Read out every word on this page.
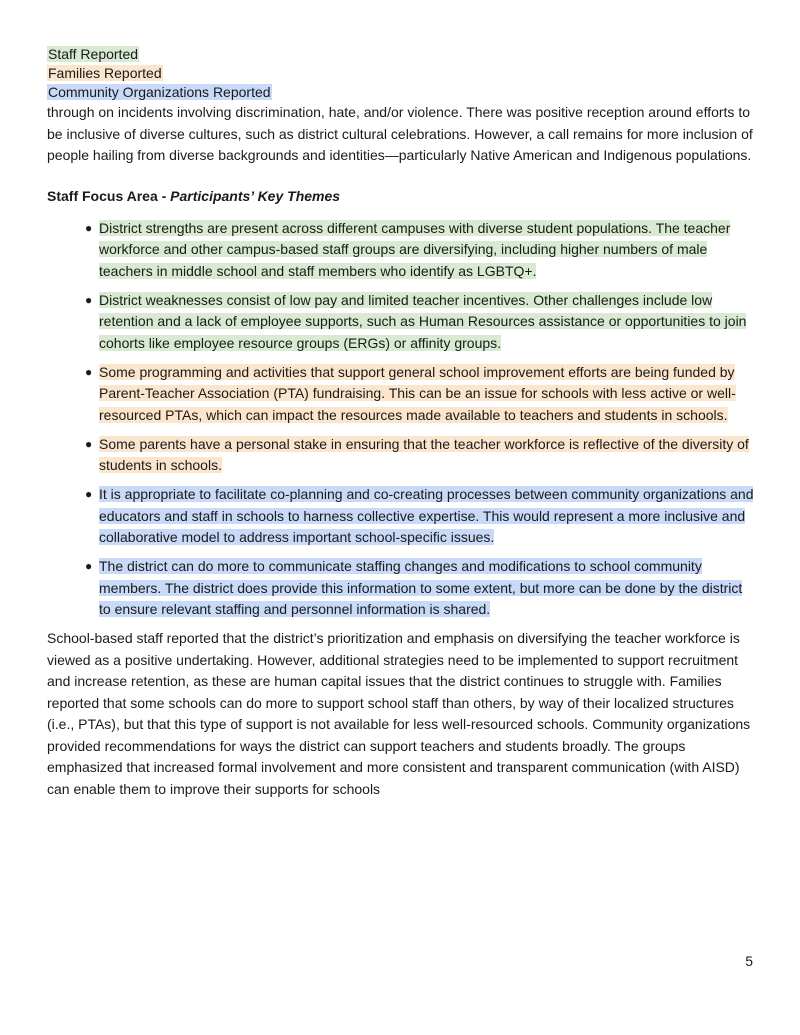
Staff Reported
Families Reported
Community Organizations Reported

through on incidents involving discrimination, hate, and/or violence. There was positive reception around efforts to be inclusive of diverse cultures, such as district cultural celebrations. However, a call remains for more inclusion of people hailing from diverse backgrounds and identities—particularly Native American and Indigenous populations.

Staff Focus Area - Participants’ Key Themes
● District strengths are present across different campuses with diverse student populations. The teacher workforce and other campus-based staff groups are diversifying, including higher numbers of male teachers in middle school and staff members who identify as LGBTQ+.
● District weaknesses consist of low pay and limited teacher incentives. Other challenges include low retention and a lack of employee supports, such as Human Resources assistance or opportunities to join cohorts like employee resource groups (ERGs) or affinity groups.
● Some programming and activities that support general school improvement efforts are being funded by Parent-Teacher Association (PTA) fundraising. This can be an issue for schools with less active or well-resourced PTAs, which can impact the resources made available to teachers and students in schools.
● Some parents have a personal stake in ensuring that the teacher workforce is reflective of the diversity of students in schools.
● It is appropriate to facilitate co-planning and co-creating processes between community organizations and educators and staff in schools to harness collective expertise. This would represent a more inclusive and collaborative model to address important school-specific issues.
● The district can do more to communicate staffing changes and modifications to school community members. The district does provide this information to some extent, but more can be done by the district to ensure relevant staffing and personnel information is shared.

School-based staff reported that the district’s prioritization and emphasis on diversifying the teacher workforce is viewed as a positive undertaking. However, additional strategies need to be implemented to support recruitment and increase retention, as these are human capital issues that the district continues to struggle with. Families reported that some schools can do more to support school staff than others, by way of their localized structures (i.e., PTAs), but that this type of support is not available for less well-resourced schools. Community organizations provided recommendations for ways the district can support teachers and students broadly. The groups emphasized that increased formal involvement and more consistent and transparent communication (with AISD) can enable them to improve their supports for schools

5
